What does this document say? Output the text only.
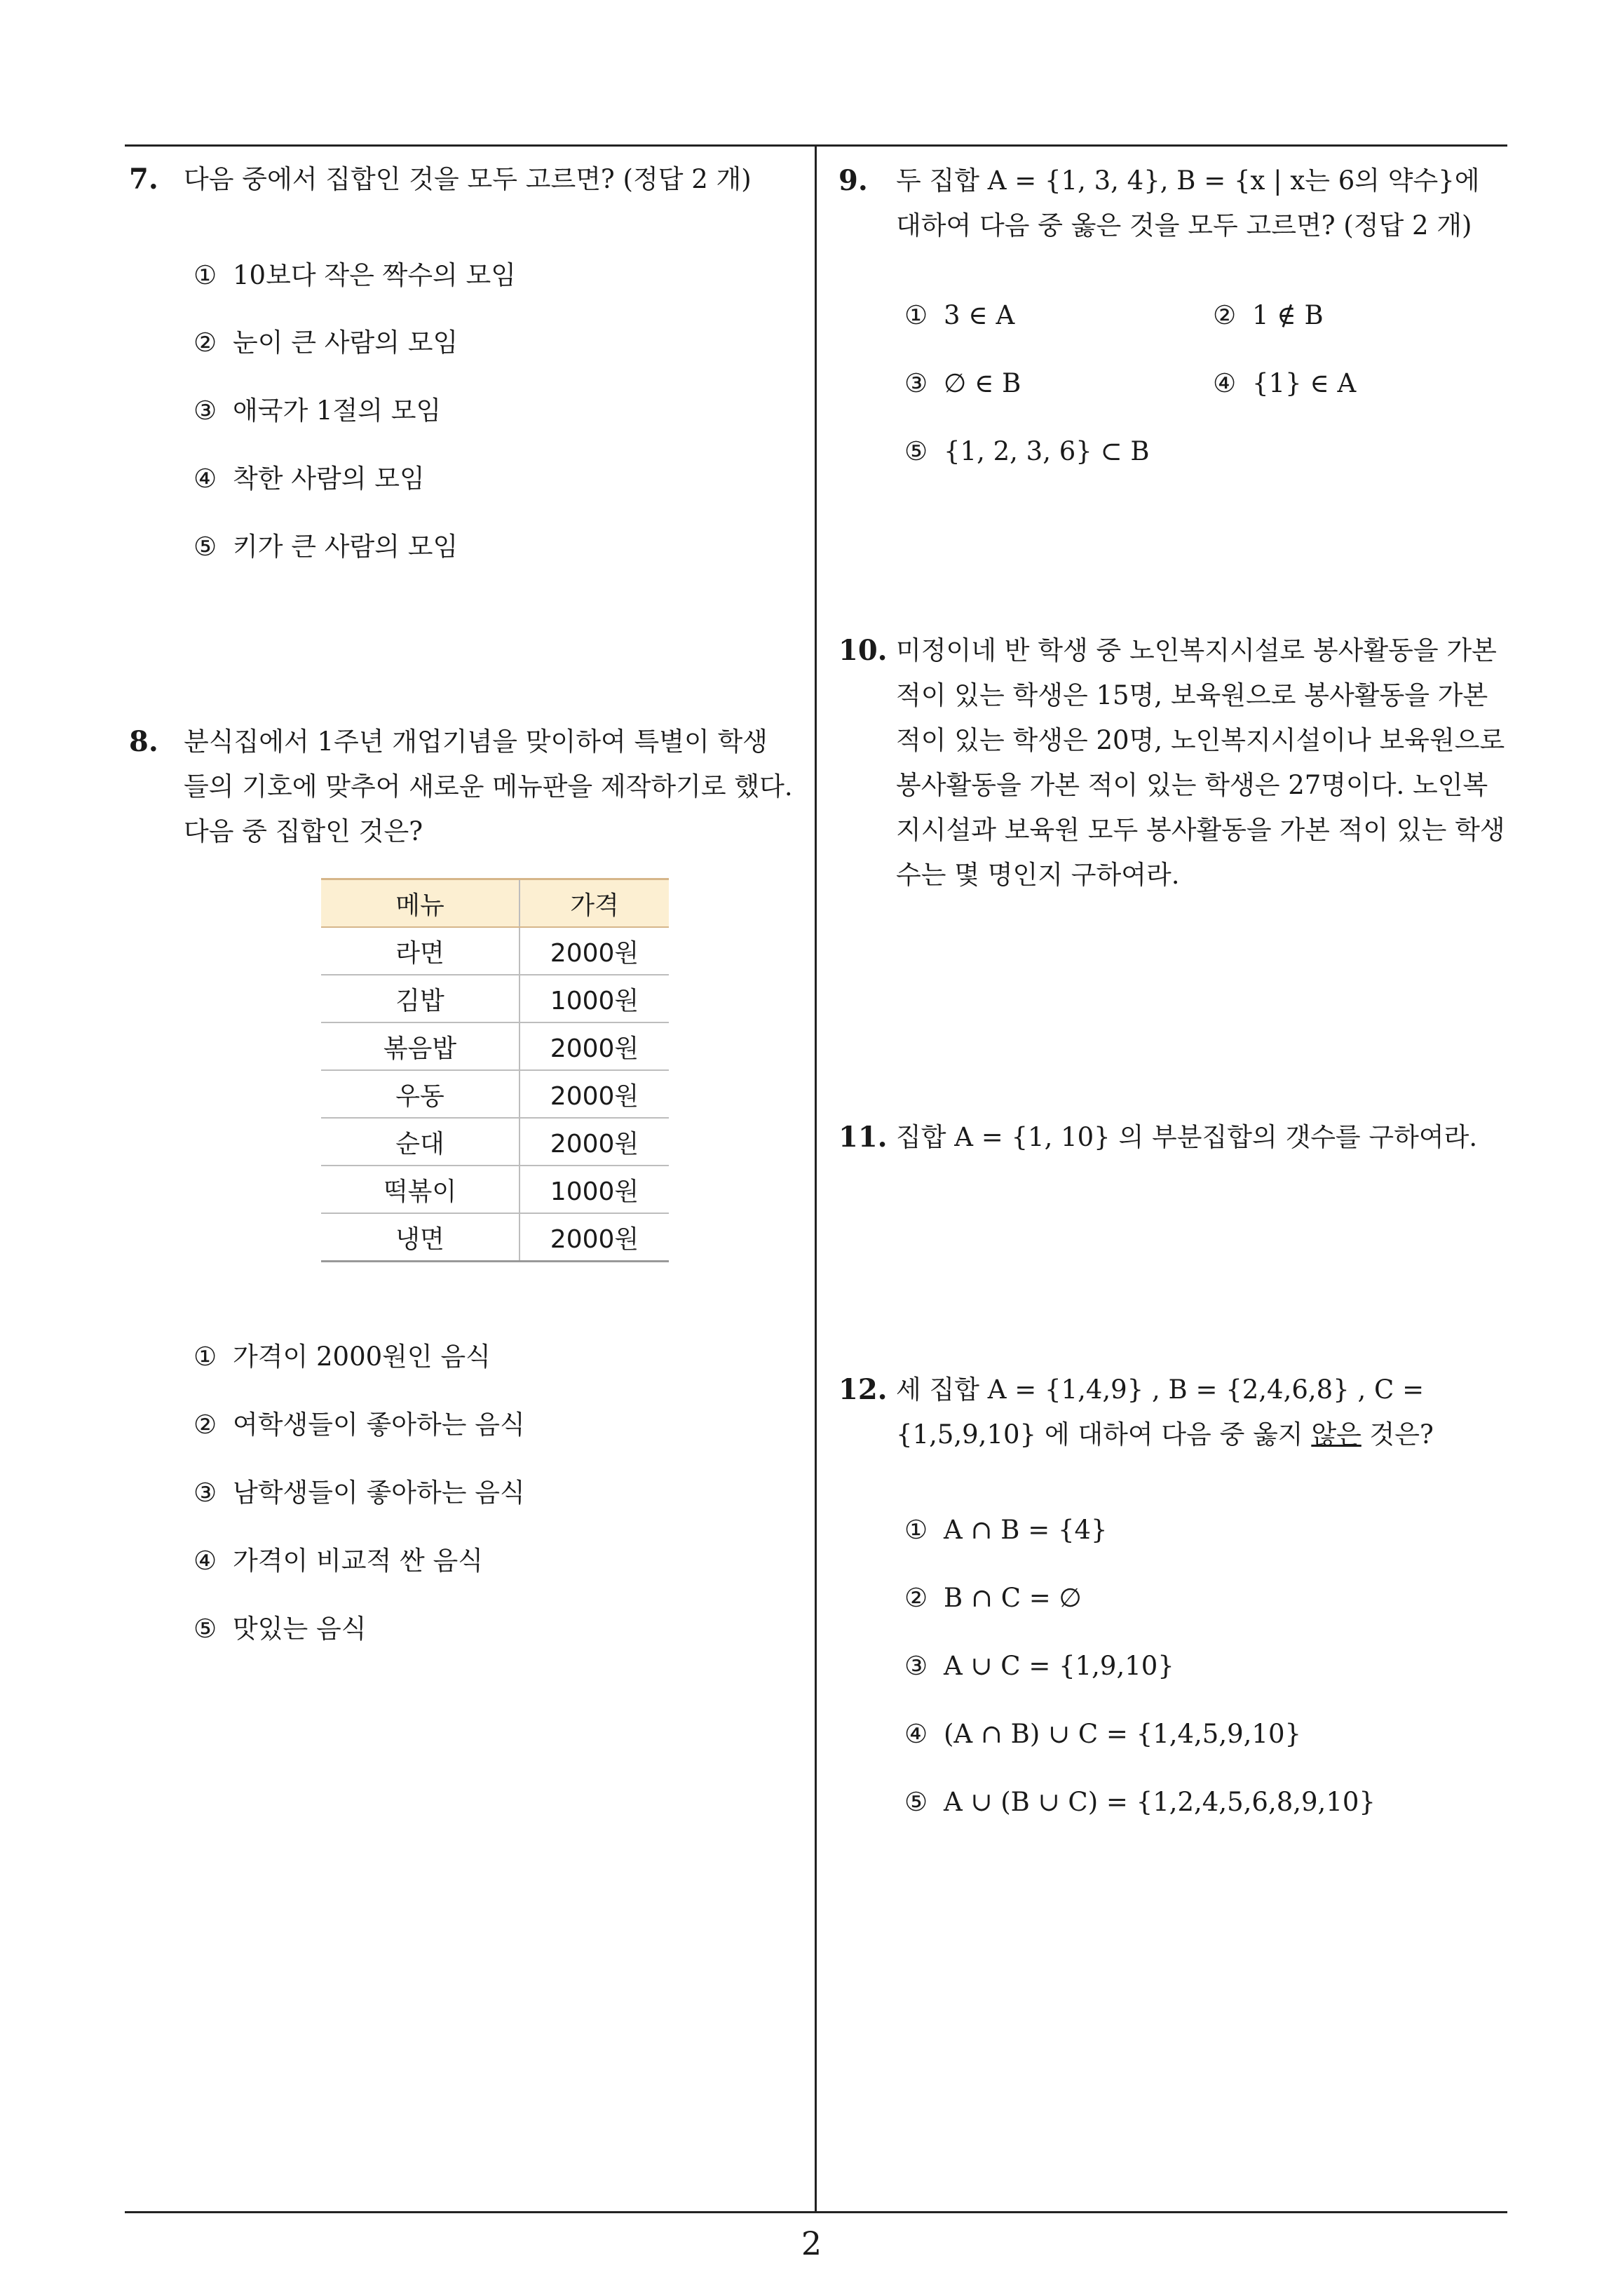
7. 다음 중에서 집합인 것을 모두 고르면? (정답 2 개)
① 10보다 작은 짝수의 모임
② 눈이 큰 사람의 모임
③ 애국가 1절의 모임
④ 착한 사람의 모임
⑤ 키가 큰 사람의 모임
8. 분식집에서 1주년 개업기념을 맞이하여 특별이 학생
들의 기호에 맞추어 새로운 메뉴판을 제작하기로 했다.
다음 중 집합인 것은?
메뉴	가격
라면	2000원
김밥	1000원
볶음밥	2000원
우동	2000원
순대	2000원
떡볶이	1000원
냉면	2000원
① 가격이 2000원인 음식
② 여학생들이 좋아하는 음식
③ 남학생들이 좋아하는 음식
④ 가격이 비교적 싼 음식
⑤ 맛있는 음식
9. 두 집합 A = {1, 3, 4}, B = {x | x는 6의 약수}에
대하여 다음 중 옳은 것을 모두 고르면? (정답 2 개)
① 3 ∈ A	② 1 ∉ B
③ ∅ ∈ B	④ {1} ∈ A
⑤ {1, 2, 3, 6} ⊂ B
10. 미정이네 반 학생 중 노인복지시설로 봉사활동을 가본
적이 있는 학생은 15명, 보육원으로 봉사활동을 가본
적이 있는 학생은 20명, 노인복지시설이나 보육원으로
봉사활동을 가본 적이 있는 학생은 27명이다. 노인복
지시설과 보육원 모두 봉사활동을 가본 적이 있는 학생
수는 몇 명인지 구하여라.
11. 집합 A = {1, 10} 의 부분집합의 갯수를 구하여라.
12. 세 집합 A = {1,4,9} , B = {2,4,6,8} , C =
{1,5,9,10} 에 대하여 다음 중 옳지 않은 것은?
① A ∩ B = {4}
② B ∩ C = ∅
③ A ∪ C = {1,9,10}
④ (A ∩ B) ∪ C = {1,4,5,9,10}
⑤ A ∪ (B ∪ C) = {1,2,4,5,6,8,9,10}
2
